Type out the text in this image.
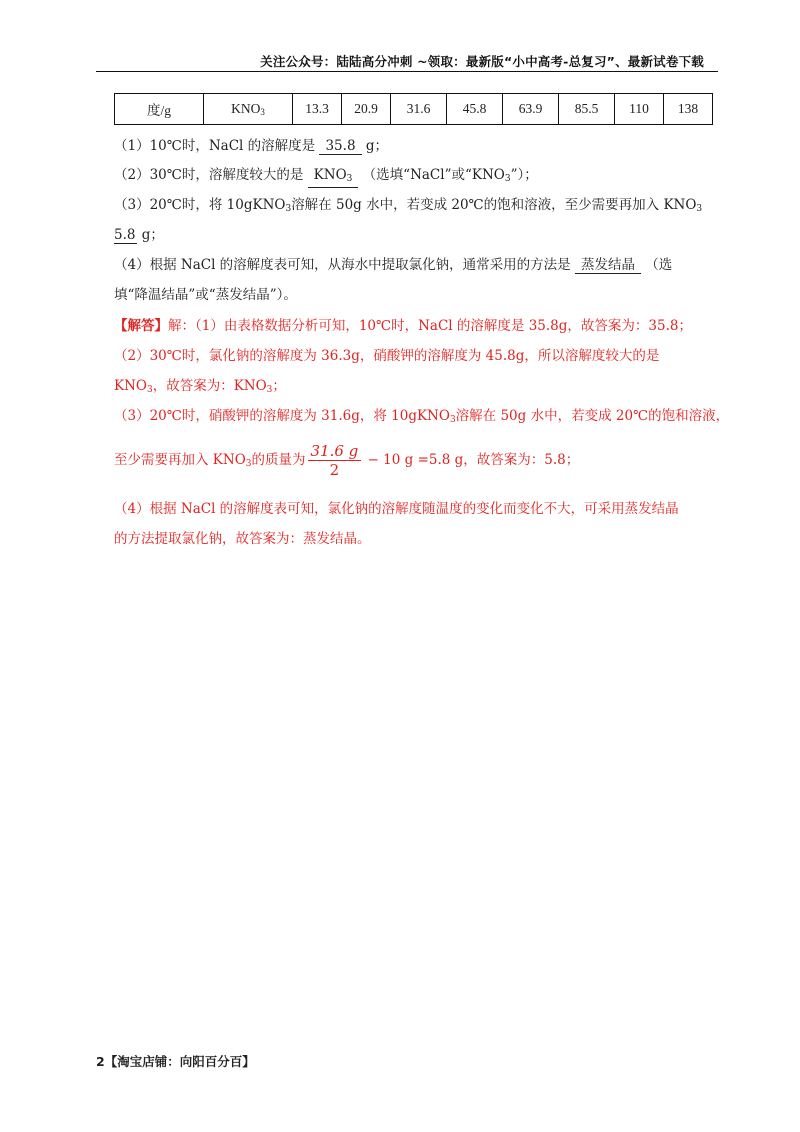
关注公众号：陆陆高分冲刺 ~领取：最新版“小中高考-总复习”、最新试卷下载
度/g	$KNO_3$	13.3	20.9	31.6	45.8	63.9	85.5	110	138
（1）10℃时，NaCl 的溶解度是 35.8 g；
（2）30℃时，溶解度较大的是 $KNO_3$ （选填“NaCl”或“$KNO_3$”）；
（3）20℃时，将 10gKNO$_3$溶解在 50g 水中，若变成 20℃的饱和溶液，至少需要再加入 $KNO_3$
5.8 g；
（4）根据 NaCl 的溶解度表可知，从海水中提取氯化钠，通常采用的方法是 蒸发结晶 （选
填“降温结晶”或“蒸发结晶”）。
【解答】解：（1）由表格数据分析可知，10℃时，NaCl 的溶解度是 35.8g，故答案为：35.8；
（2）30℃时，氯化钠的溶解度为 36.3g，硝酸钾的溶解度为 45.8g，所以溶解度较大的是
$KNO_3$，故答案为：$KNO_3$；
（3）20℃时，硝酸钾的溶解度为 31.6g，将 10gKNO$_3$溶解在 50g 水中，若变成 20℃的饱和溶液，
至少需要再加入 $KNO_3$的质量为 $\frac{31.6 g}{2} - 10$ g =5.8 g，故答案为：5.8；
（4）根据 NaCl 的溶解度表可知，氯化钠的溶解度随温度的变化而变化不大，可采用蒸发结晶
的方法提取氯化钠，故答案为：蒸发结晶。
2【淘宝店铺：向阳百分百】
